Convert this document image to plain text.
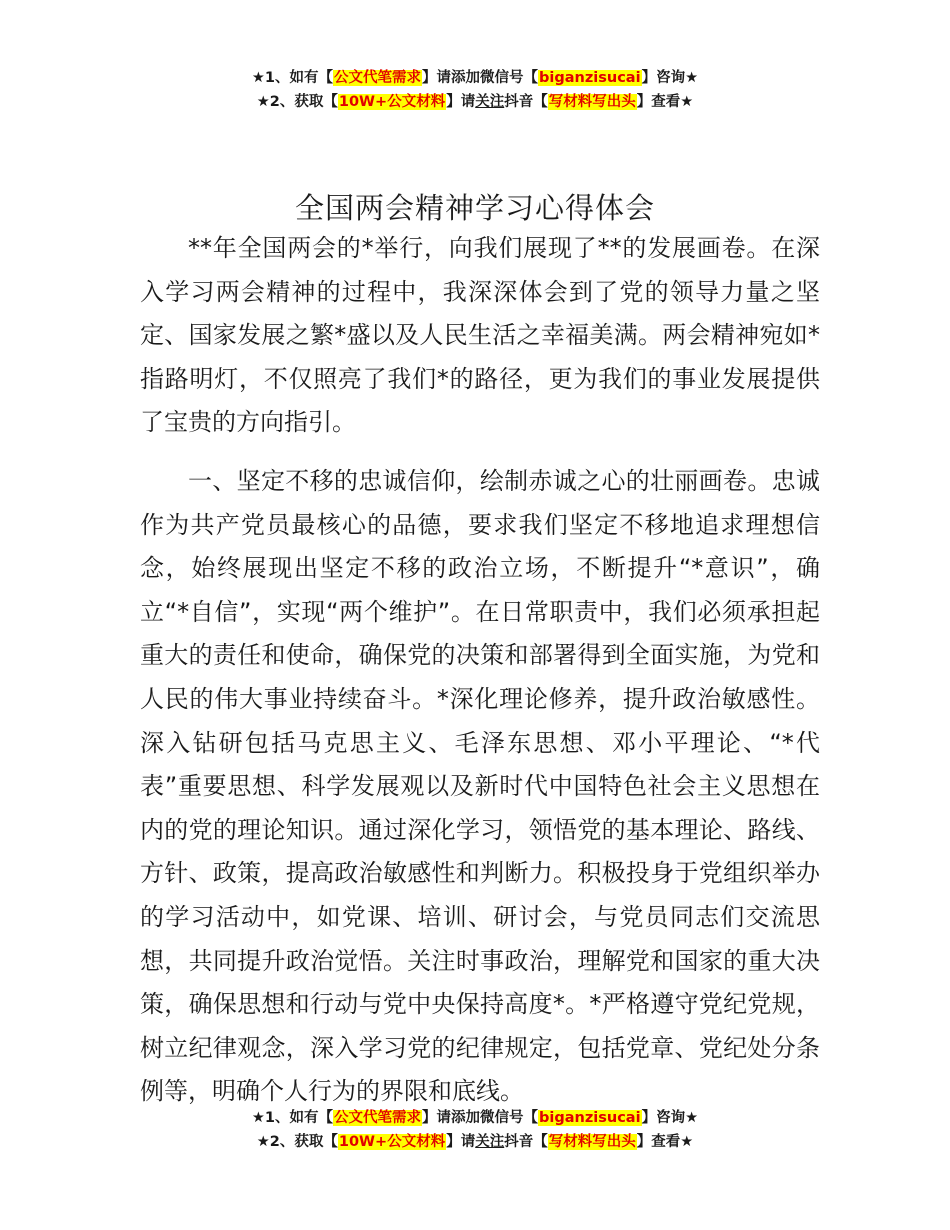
★1、如有【公文代笔需求】请添加微信号【biganzisucai】咨询★
★2、获取【10W+公文材料】请关注抖音【写材料写出头】查看★
全国两会精神学习心得体会

**年全国两会的*举行，向我们展现了**的发展画卷。在深入学习两会精神的过程中，我深深体会到了党的领导力量之坚定、国家发展之繁*盛以及人民生活之幸福美满。两会精神宛如*指路明灯，不仅照亮了我们*的路径，更为我们的事业发展提供了宝贵的方向指引。

一、坚定不移的忠诚信仰，绘制赤诚之心的壮丽画卷。忠诚作为共产党员最核心的品德，要求我们坚定不移地追求理想信念，始终展现出坚定不移的政治立场，不断提升“*意识”，确立“*自信”，实现“两个维护”。在日常职责中，我们必须承担起重大的责任和使命，确保党的决策和部署得到全面实施，为党和人民的伟大事业持续奋斗。*深化理论修养，提升政治敏感性。深入钻研包括马克思主义、毛泽东思想、邓小平理论、“*代表”重要思想、科学发展观以及新时代中国特色社会主义思想在内的党的理论知识。通过深化学习，领悟党的基本理论、路线、方针、政策，提高政治敏感性和判断力。积极投身于党组织举办的学习活动中，如党课、培训、研讨会，与党员同志们交流思想，共同提升政治觉悟。关注时事政治，理解党和国家的重大决策，确保思想和行动与党中央保持高度*。*严格遵守党纪党规，树立纪律观念，深入学习党的纪律规定，包括党章、党纪处分条例等，明确个人行为的界限和底线。

★1、如有【公文代笔需求】请添加微信号【biganzisucai】咨询★
★2、获取【10W+公文材料】请关注抖音【写材料写出头】查看★
